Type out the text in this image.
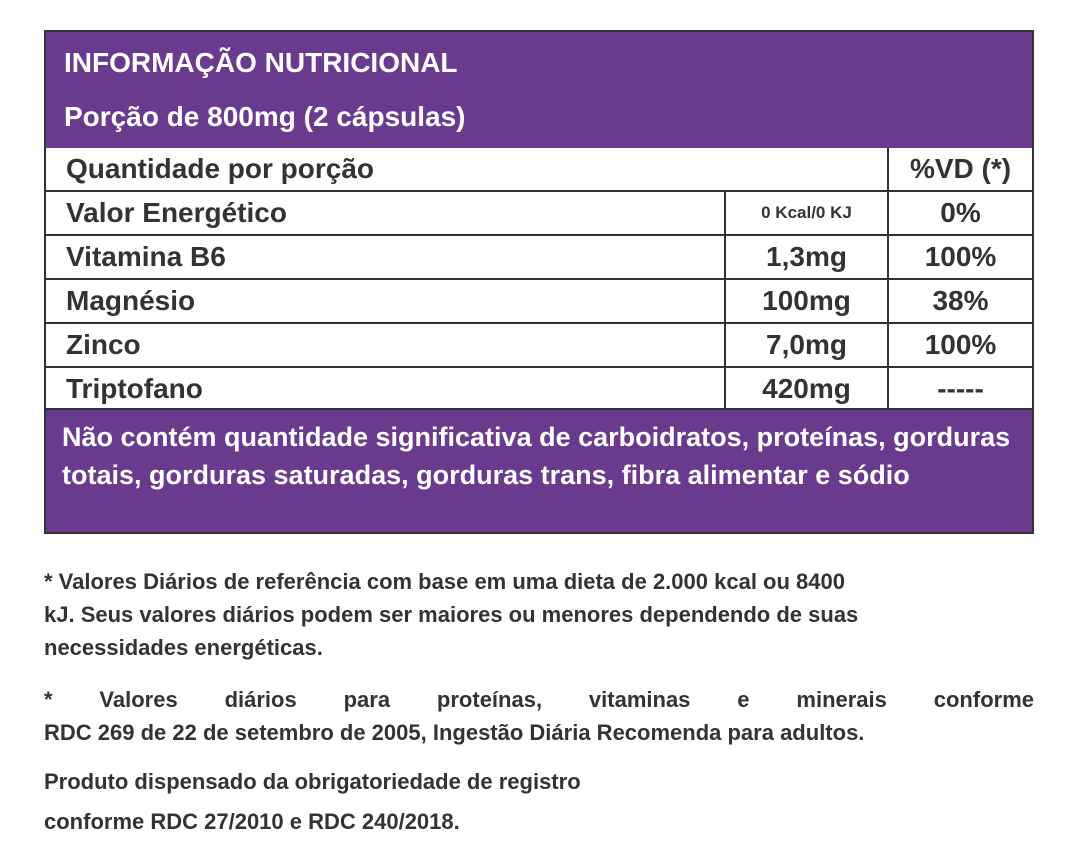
INFORMAÇÃO NUTRICIONAL
Porção de 800mg (2 cápsulas)
Quantidade por porção	%VD (*)
Valor Energético	0 Kcal/0 KJ	0%
Vitamina B6	1,3mg	100%
Magnésio	100mg	38%
Zinco	7,0mg	100%
Triptofano	420mg	-----
Não contém quantidade significativa de carboidratos, proteínas, gorduras totais, gorduras saturadas, gorduras trans, fibra alimentar e sódio
* Valores Diários de referência com base em uma dieta de 2.000 kcal ou 8400 kJ. Seus valores diários podem ser maiores ou menores dependendo de suas necessidades energéticas.
* Valores diários para proteínas, vitaminas e minerais conforme
RDC 269 de 22 de setembro de 2005, Ingestão Diária Recomenda para adultos.
Produto dispensado da obrigatoriedade de registro
conforme RDC 27/2010 e RDC 240/2018.
